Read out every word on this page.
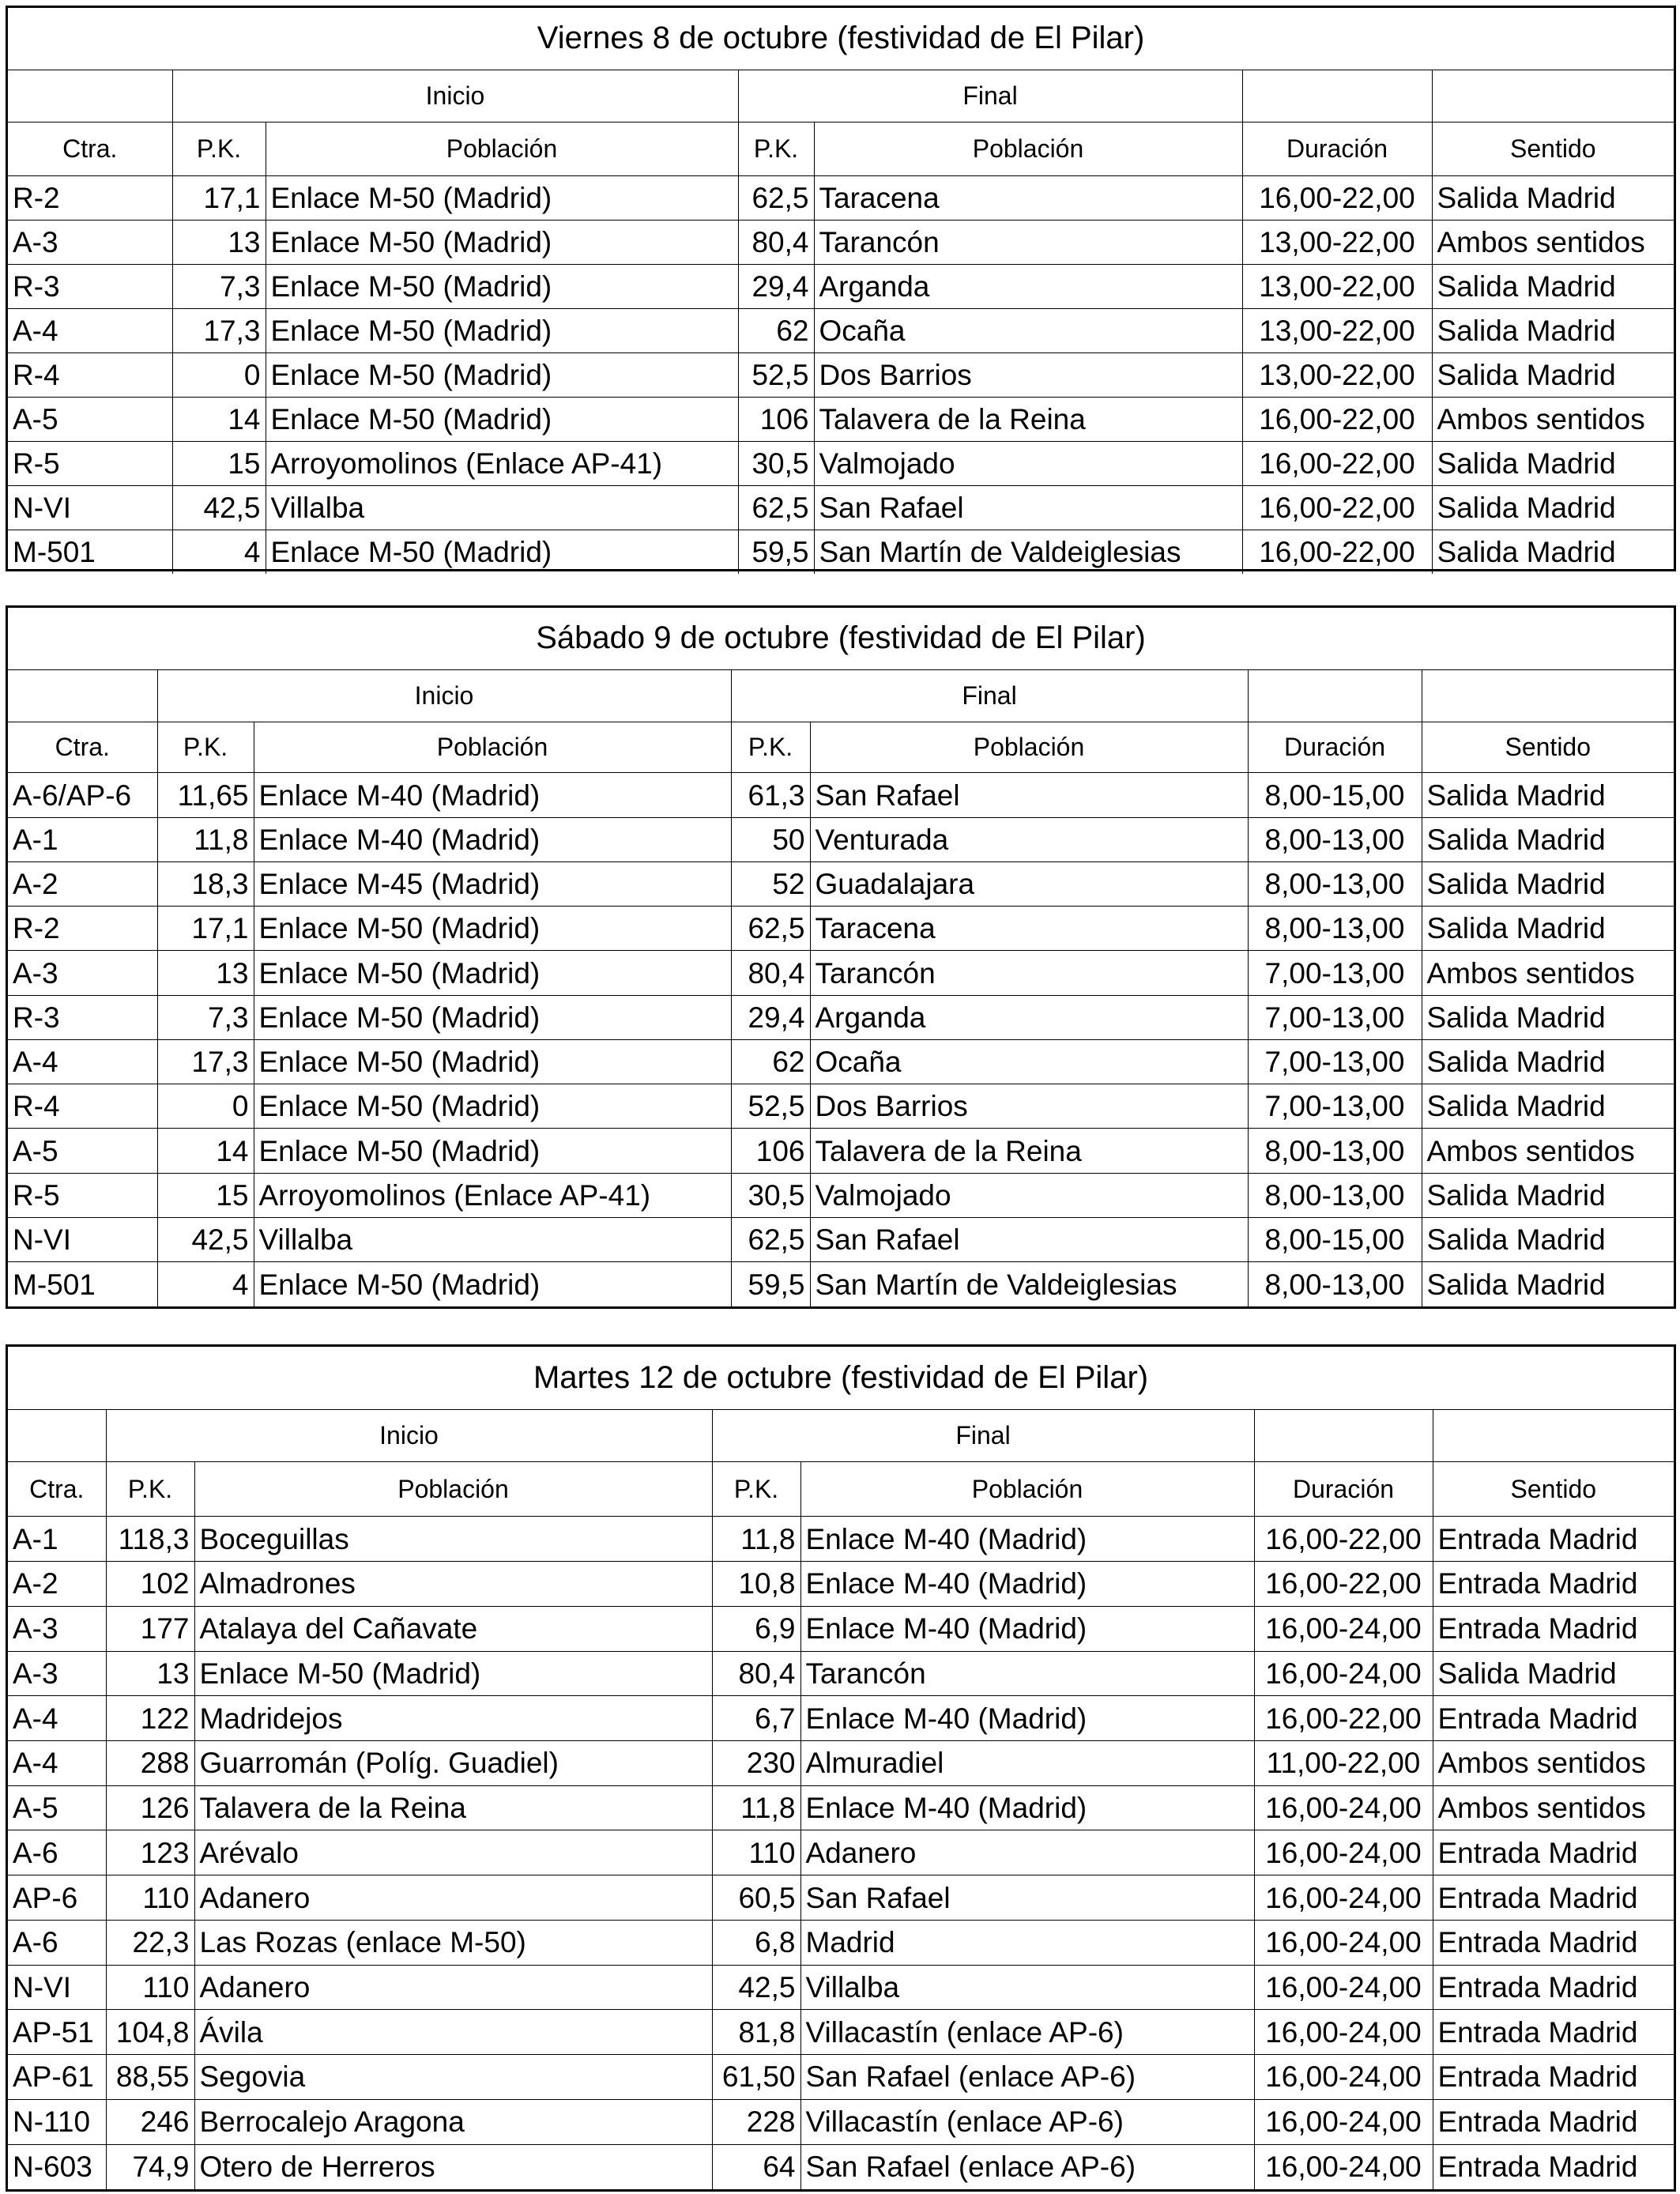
Viernes 8 de octubre (festividad de El Pilar)						
	Inicio		Final			
Ctra.	P.K.	Población	P.K.	Población	Duración	Sentido
R-2	17,1	Enlace M-50 (Madrid)	62,5	Taracena	16,00-22,00	Salida Madrid
A-3	13	Enlace M-50 (Madrid)	80,4	Tarancón	13,00-22,00	Ambos sentidos
R-3	7,3	Enlace M-50 (Madrid)	29,4	Arganda	13,00-22,00	Salida Madrid
A-4	17,3	Enlace M-50 (Madrid)	62	Ocaña	13,00-22,00	Salida Madrid
R-4	0	Enlace M-50 (Madrid)	52,5	Dos Barrios	13,00-22,00	Salida Madrid
A-5	14	Enlace M-50 (Madrid)	106	Talavera de la Reina	16,00-22,00	Ambos sentidos
R-5	15	Arroyomolinos (Enlace AP-41)	30,5	Valmojado	16,00-22,00	Salida Madrid
N-VI	42,5	Villalba	62,5	San Rafael	16,00-22,00	Salida Madrid
M-501	4	Enlace M-50 (Madrid)	59,5	San Martín de Valdeiglesias	16,00-22,00	Salida Madrid
Sábado 9 de octubre (festividad de El Pilar)						
	Inicio		Final			
Ctra.	P.K.	Población	P.K.	Población	Duración	Sentido
A-6/AP-6	11,65	Enlace M-40 (Madrid)	61,3	San Rafael	8,00-15,00	Salida Madrid
A-1	11,8	Enlace M-40 (Madrid)	50	Venturada	8,00-13,00	Salida Madrid
A-2	18,3	Enlace M-45 (Madrid)	52	Guadalajara	8,00-13,00	Salida Madrid
R-2	17,1	Enlace M-50 (Madrid)	62,5	Taracena	8,00-13,00	Salida Madrid
A-3	13	Enlace M-50 (Madrid)	80,4	Tarancón	7,00-13,00	Ambos sentidos
R-3	7,3	Enlace M-50 (Madrid)	29,4	Arganda	7,00-13,00	Salida Madrid
A-4	17,3	Enlace M-50 (Madrid)	62	Ocaña	7,00-13,00	Salida Madrid
R-4	0	Enlace M-50 (Madrid)	52,5	Dos Barrios	7,00-13,00	Salida Madrid
A-5	14	Enlace M-50 (Madrid)	106	Talavera de la Reina	8,00-13,00	Ambos sentidos
R-5	15	Arroyomolinos (Enlace AP-41)	30,5	Valmojado	8,00-13,00	Salida Madrid
N-VI	42,5	Villalba	62,5	San Rafael	8,00-15,00	Salida Madrid
M-501	4	Enlace M-50 (Madrid)	59,5	San Martín de Valdeiglesias	8,00-13,00	Salida Madrid
Martes 12 de octubre (festividad de El Pilar)						
	Inicio		Final			
Ctra.	P.K.	Población	P.K.	Población	Duración	Sentido
A-1	118,3	Boceguillas	11,8	Enlace M-40 (Madrid)	16,00-22,00	Entrada Madrid
A-2	102	Almadrones	10,8	Enlace M-40 (Madrid)	16,00-22,00	Entrada Madrid
A-3	177	Atalaya del Cañavate	6,9	Enlace M-40 (Madrid)	16,00-24,00	Entrada Madrid
A-3	13	Enlace M-50 (Madrid)	80,4	Tarancón	16,00-24,00	Salida Madrid
A-4	122	Madridejos	6,7	Enlace M-40 (Madrid)	16,00-22,00	Entrada Madrid
A-4	288	Guarromán (Políg. Guadiel)	230	Almuradiel	11,00-22,00	Ambos sentidos
A-5	126	Talavera de la Reina	11,8	Enlace M-40 (Madrid)	16,00-24,00	Ambos sentidos
A-6	123	Arévalo	110	Adanero	16,00-24,00	Entrada Madrid
AP-6	110	Adanero	60,5	San Rafael	16,00-24,00	Entrada Madrid
A-6	22,3	Las Rozas (enlace M-50)	6,8	Madrid	16,00-24,00	Entrada Madrid
N-VI	110	Adanero	42,5	Villalba	16,00-24,00	Entrada Madrid
AP-51	104,8	Ávila	81,8	Villacastín (enlace AP-6)	16,00-24,00	Entrada Madrid
AP-61	88,55	Segovia	61,50	San Rafael (enlace AP-6)	16,00-24,00	Entrada Madrid
N-110	246	Berrocalejo Aragona	228	Villacastín (enlace AP-6)	16,00-24,00	Entrada Madrid
N-603	74,9	Otero de Herreros	64	San Rafael (enlace AP-6)	16,00-24,00	Entrada Madrid
